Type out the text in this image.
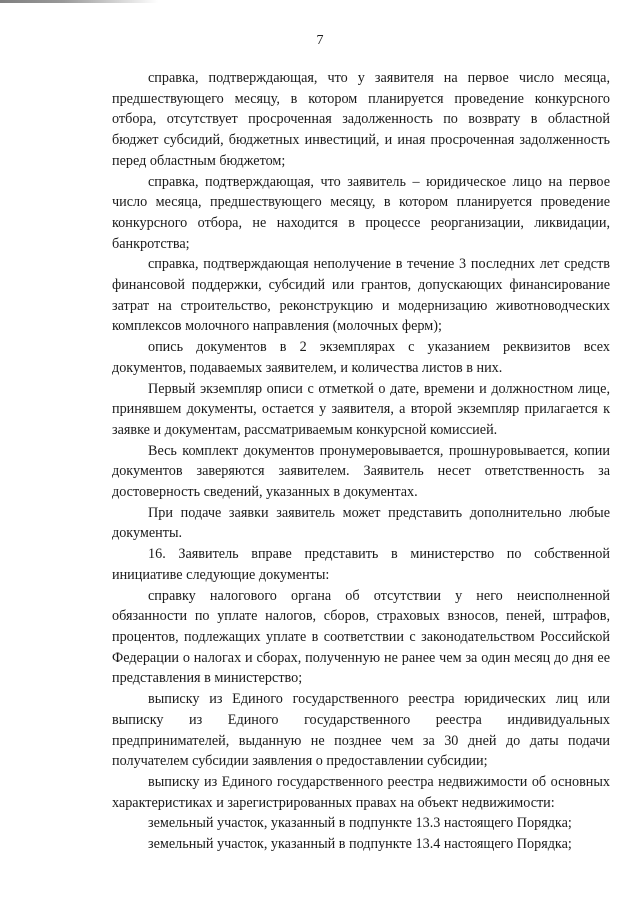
7

справка, подтверждающая, что у заявителя на первое число месяца, предшествующего месяцу, в котором планируется проведение конкурсного отбора, отсутствует просроченная задолженность по возврату в областной бюджет субсидий, бюджетных инвестиций, и иная просроченная задолженность перед областным бюджетом;

справка, подтверждающая, что заявитель – юридическое лицо на первое число месяца, предшествующего месяцу, в котором планируется проведение конкурсного отбора, не находится в процессе реорганизации, ликвидации, банкротства;

справка, подтверждающая неполучение в течение 3 последних лет средств финансовой поддержки, субсидий или грантов, допускающих финансирование затрат на строительство, реконструкцию и модернизацию животноводческих комплексов молочного направления (молочных ферм);

опись документов в 2 экземплярах с указанием реквизитов всех документов, подаваемых заявителем, и количества листов в них.

Первый экземпляр описи с отметкой о дате, времени и должностном лице, принявшем документы, остается у заявителя, а второй экземпляр прилагается к заявке и документам, рассматриваемым конкурсной комиссией.

Весь комплект документов пронумеровывается, прошнуровывается, копии документов заверяются заявителем. Заявитель несет ответственность за достоверность сведений, указанных в документах.

При подаче заявки заявитель может представить дополнительно любые документы.

16. Заявитель вправе представить в министерство по собственной инициативе следующие документы:

справку налогового органа об отсутствии у него неисполненной обязанности по уплате налогов, сборов, страховых взносов, пеней, штрафов, процентов, подлежащих уплате в соответствии с законодательством Российской Федерации о налогах и сборах, полученную не ранее чем за один месяц до дня ее представления в министерство;

выписку из Единого государственного реестра юридических лиц или выписку из Единого государственного реестра индивидуальных предпринимателей, выданную не позднее чем за 30 дней до даты подачи получателем субсидии заявления о предоставлении субсидии;

выписку из Единого государственного реестра недвижимости об основных характеристиках и зарегистрированных правах на объект недвижимости:

земельный участок, указанный в подпункте 13.3 настоящего Порядка;

земельный участок, указанный в подпункте 13.4 настоящего Порядка;
